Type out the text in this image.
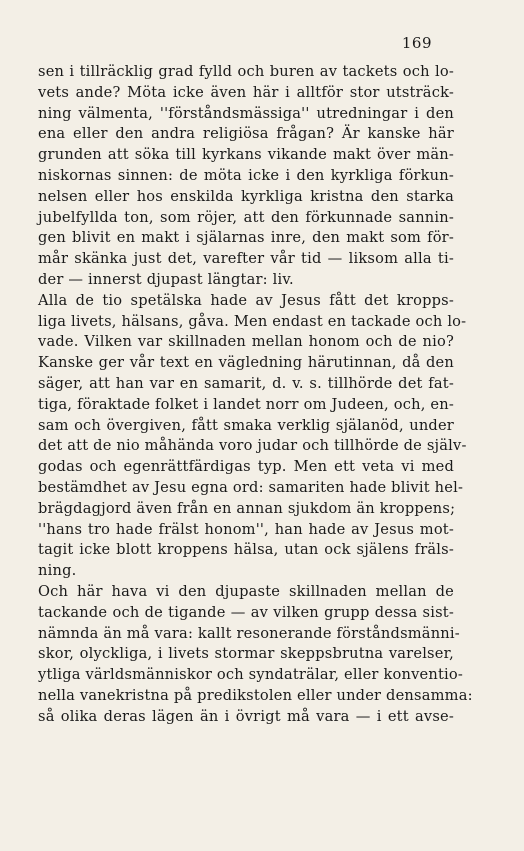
169
sen i tillräcklig grad fylld och buren av tackets och lo-
vets ande? Möta icke även här i alltför stor utsträck-
ning välmenta, ''förståndsmässiga'' utredningar i den
ena eller den andra religiösa frågan? Är kanske här
grunden att söka till kyrkans vikande makt över män-
niskornas sinnen: de möta icke i den kyrkliga förkun-
nelsen eller hos enskilda kyrkliga kristna den starka
jubelfyllda ton, som röjer, att den förkunnade sannin-
gen blivit en makt i själarnas inre, den makt som för-
mår skänka just det, varefter vår tid — liksom alla ti-
der — innerst djupast längtar: liv.
Alla de tio spetälska hade av Jesus fått det kropps-
liga livets, hälsans, gåva. Men endast en tackade och lo-
vade. Vilken var skillnaden mellan honom och de nio?
Kanske ger vår text en vägledning härutinnan, då den
säger, att han var en samarit, d. v. s. tillhörde det fat-
tiga, föraktade folket i landet norr om Judeen, och, en-
sam och övergiven, fått smaka verklig själanöd, under
det att de nio måhända voro judar och tillhörde de själv-
godas och egenrättfärdigas typ. Men ett veta vi med
bestämdhet av Jesu egna ord: samariten hade blivit hel-
brägdagjord även från en annan sjukdom än kroppens;
''hans tro hade frälst honom'', han hade av Jesus mot-
tagit icke blott kroppens hälsa, utan ock själens fräls-
ning.
Och här hava vi den djupaste skillnaden mellan de
tackande och de tigande — av vilken grupp dessa sist-
nämnda än må vara: kallt resonerande förståndsmänni-
skor, olyckliga, i livets stormar skeppsbrutna varelser,
ytliga världsmänniskor och syndaträlar, eller konventio-
nella vanekristna på predikstolen eller under densamma:
så olika deras lägen än i övrigt må vara — i ett avse-
